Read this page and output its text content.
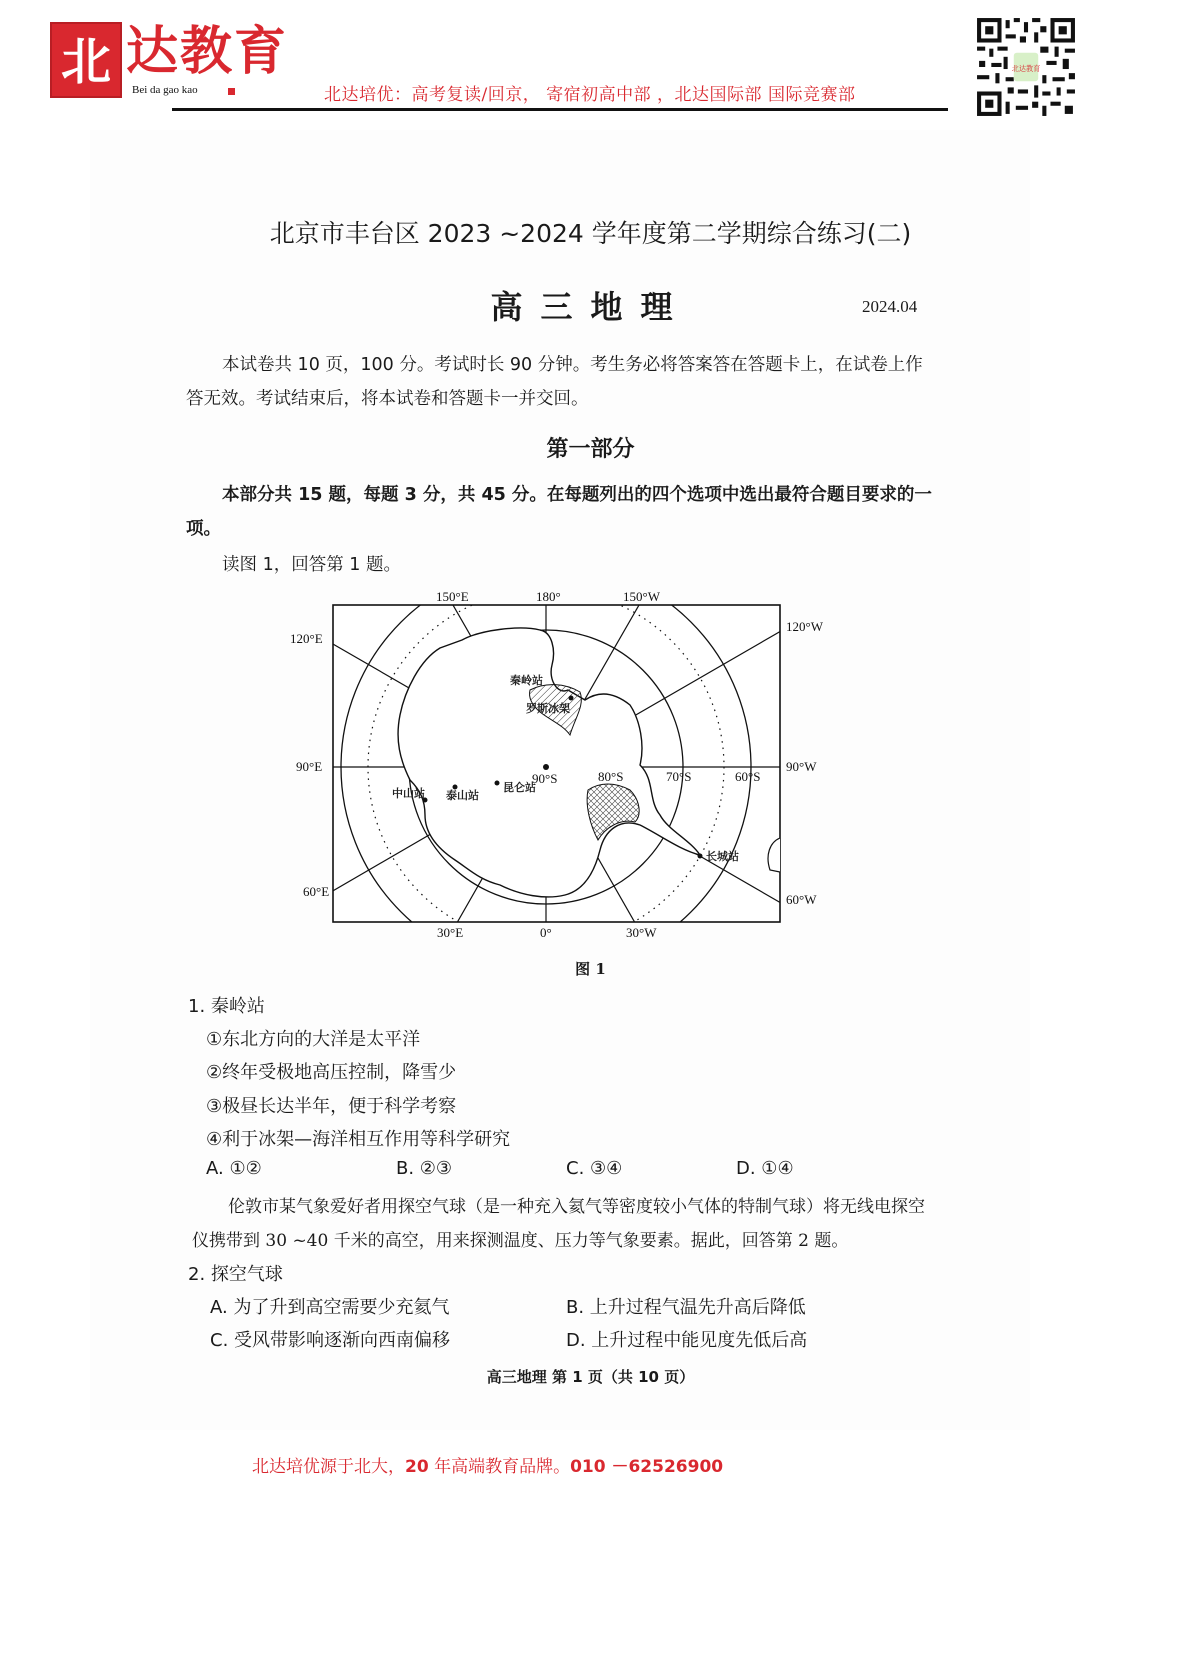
北 达教育
Bei da gao kao	北达培优：高考复读/回京， 寄宿初高中部 ，北达国际部 国际竞赛部
北达教育
北京市丰台区 2023 ~2024 学年度第二学期综合练习(二)
高三地理	2024.04
本试卷共 10 页，100 分。考试时长 90 分钟。考生务必将答案答在答题卡上，在试卷上作答无效。考试结束后，将本试卷和答题卡一并交回。
第一部分
本部分共 15 题，每题 3 分，共 45 分。在每题列出的四个选项中选出最符合题目要求的一项。
读图 1，回答第 1 题。
秦岭站
罗斯冰架
中山站 泰山站
昆仑站
长城站
90°S	80°S	70°S	60°S
150°E	180°	150°W
120°W
90°W
60°W
30°E	0°	30°W
120°E
90°E
60°E
图 1
1. 秦岭站
①东北方向的大洋是太平洋
②终年受极地高压控制，降雪少
③极昼长达半年，便于科学考察
④利于冰架—海洋相互作用等科学研究
A. ①②	B. ②③	C. ③④	D. ①④
伦敦市某气象爱好者用探空气球（是一种充入氦气等密度较小气体的特制气球）将无线电探空仪携带到 30 ~40 千米的高空，用来探测温度、压力等气象要素。据此，回答第 2 题。
2. 探空气球
A. 为了升到高空需要少充氦气	B. 上升过程气温先升高后降低
C. 受风带影响逐渐向西南偏移	D. 上升过程中能见度先低后高
高三地理 第 1 页（共 10 页）
北达培优源于北大，20 年高端教育品牌。010 －62526900
